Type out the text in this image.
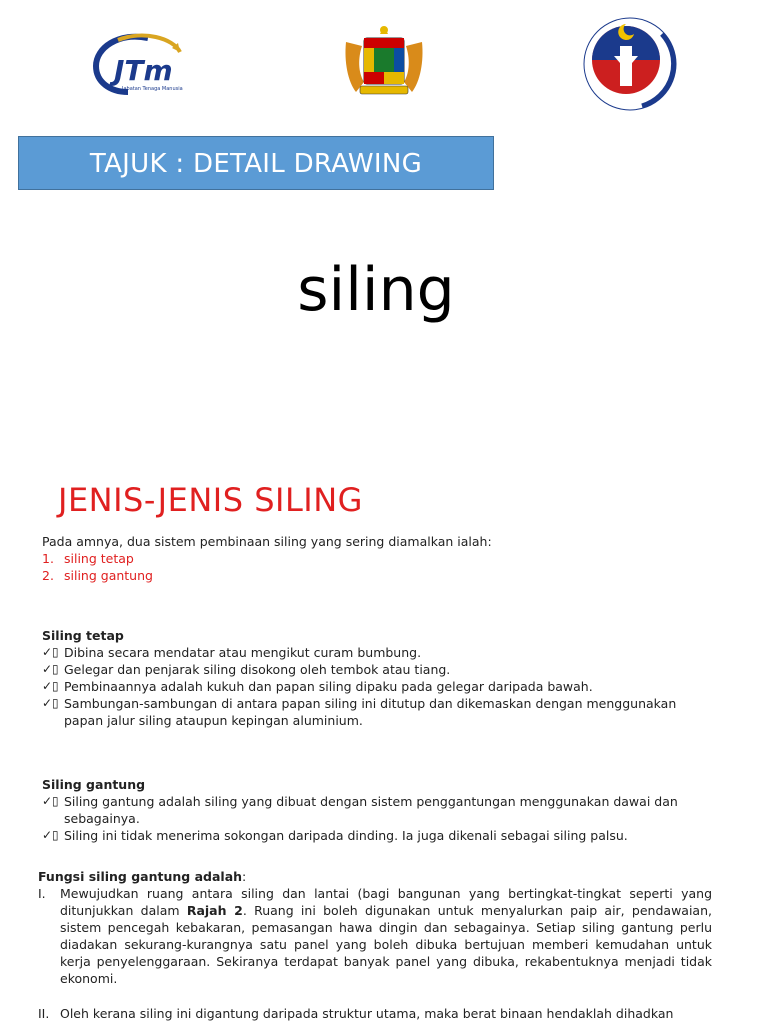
JTm
Jabatan Tenaga Manusia
TAJUK : DETAIL DRAWING
siling
JENIS-JENIS SILING
Pada amnya, dua sistem pembinaan siling yang sering diamalkan ialah:
1. siling tetap
2. siling gantung
Siling tetap
✓▯ Dibina secara mendatar atau mengikut curam bumbung.
✓▯ Gelegar dan penjarak siling disokong oleh tembok atau tiang.
✓▯ Pembinaannya adalah kukuh dan papan siling dipaku pada gelegar daripada bawah.
✓▯ Sambungan-sambungan di antara papan siling ini ditutup dan dikemaskan dengan menggunakan papan jalur siling ataupun kepingan aluminium.
Siling gantung
✓▯ Siling gantung adalah siling yang dibuat dengan sistem penggantungan menggunakan dawai dan sebagainya.
✓▯ Siling ini tidak menerima sokongan daripada dinding. Ia juga dikenali sebagai siling palsu.
Fungsi siling gantung adalah:
I.	Mewujudkan ruang antara siling dan lantai (bagi bangunan yang bertingkat-tingkat seperti yang ditunjukkan dalam Rajah 2. Ruang ini boleh digunakan untuk menyalurkan paip air, pendawaian, sistem pencegah kebakaran, pemasangan hawa dingin dan sebagainya. Setiap siling gantung perlu diadakan sekurang-kurangnya satu panel yang boleh dibuka bertujuan memberi kemudahan untuk kerja penyelenggaraan. Sekiranya terdapat banyak panel yang dibuka, rekabentuknya menjadi tidak ekonomi.
II. Oleh kerana siling ini digantung daripada struktur utama, maka berat binaan hendaklah dihadkan
